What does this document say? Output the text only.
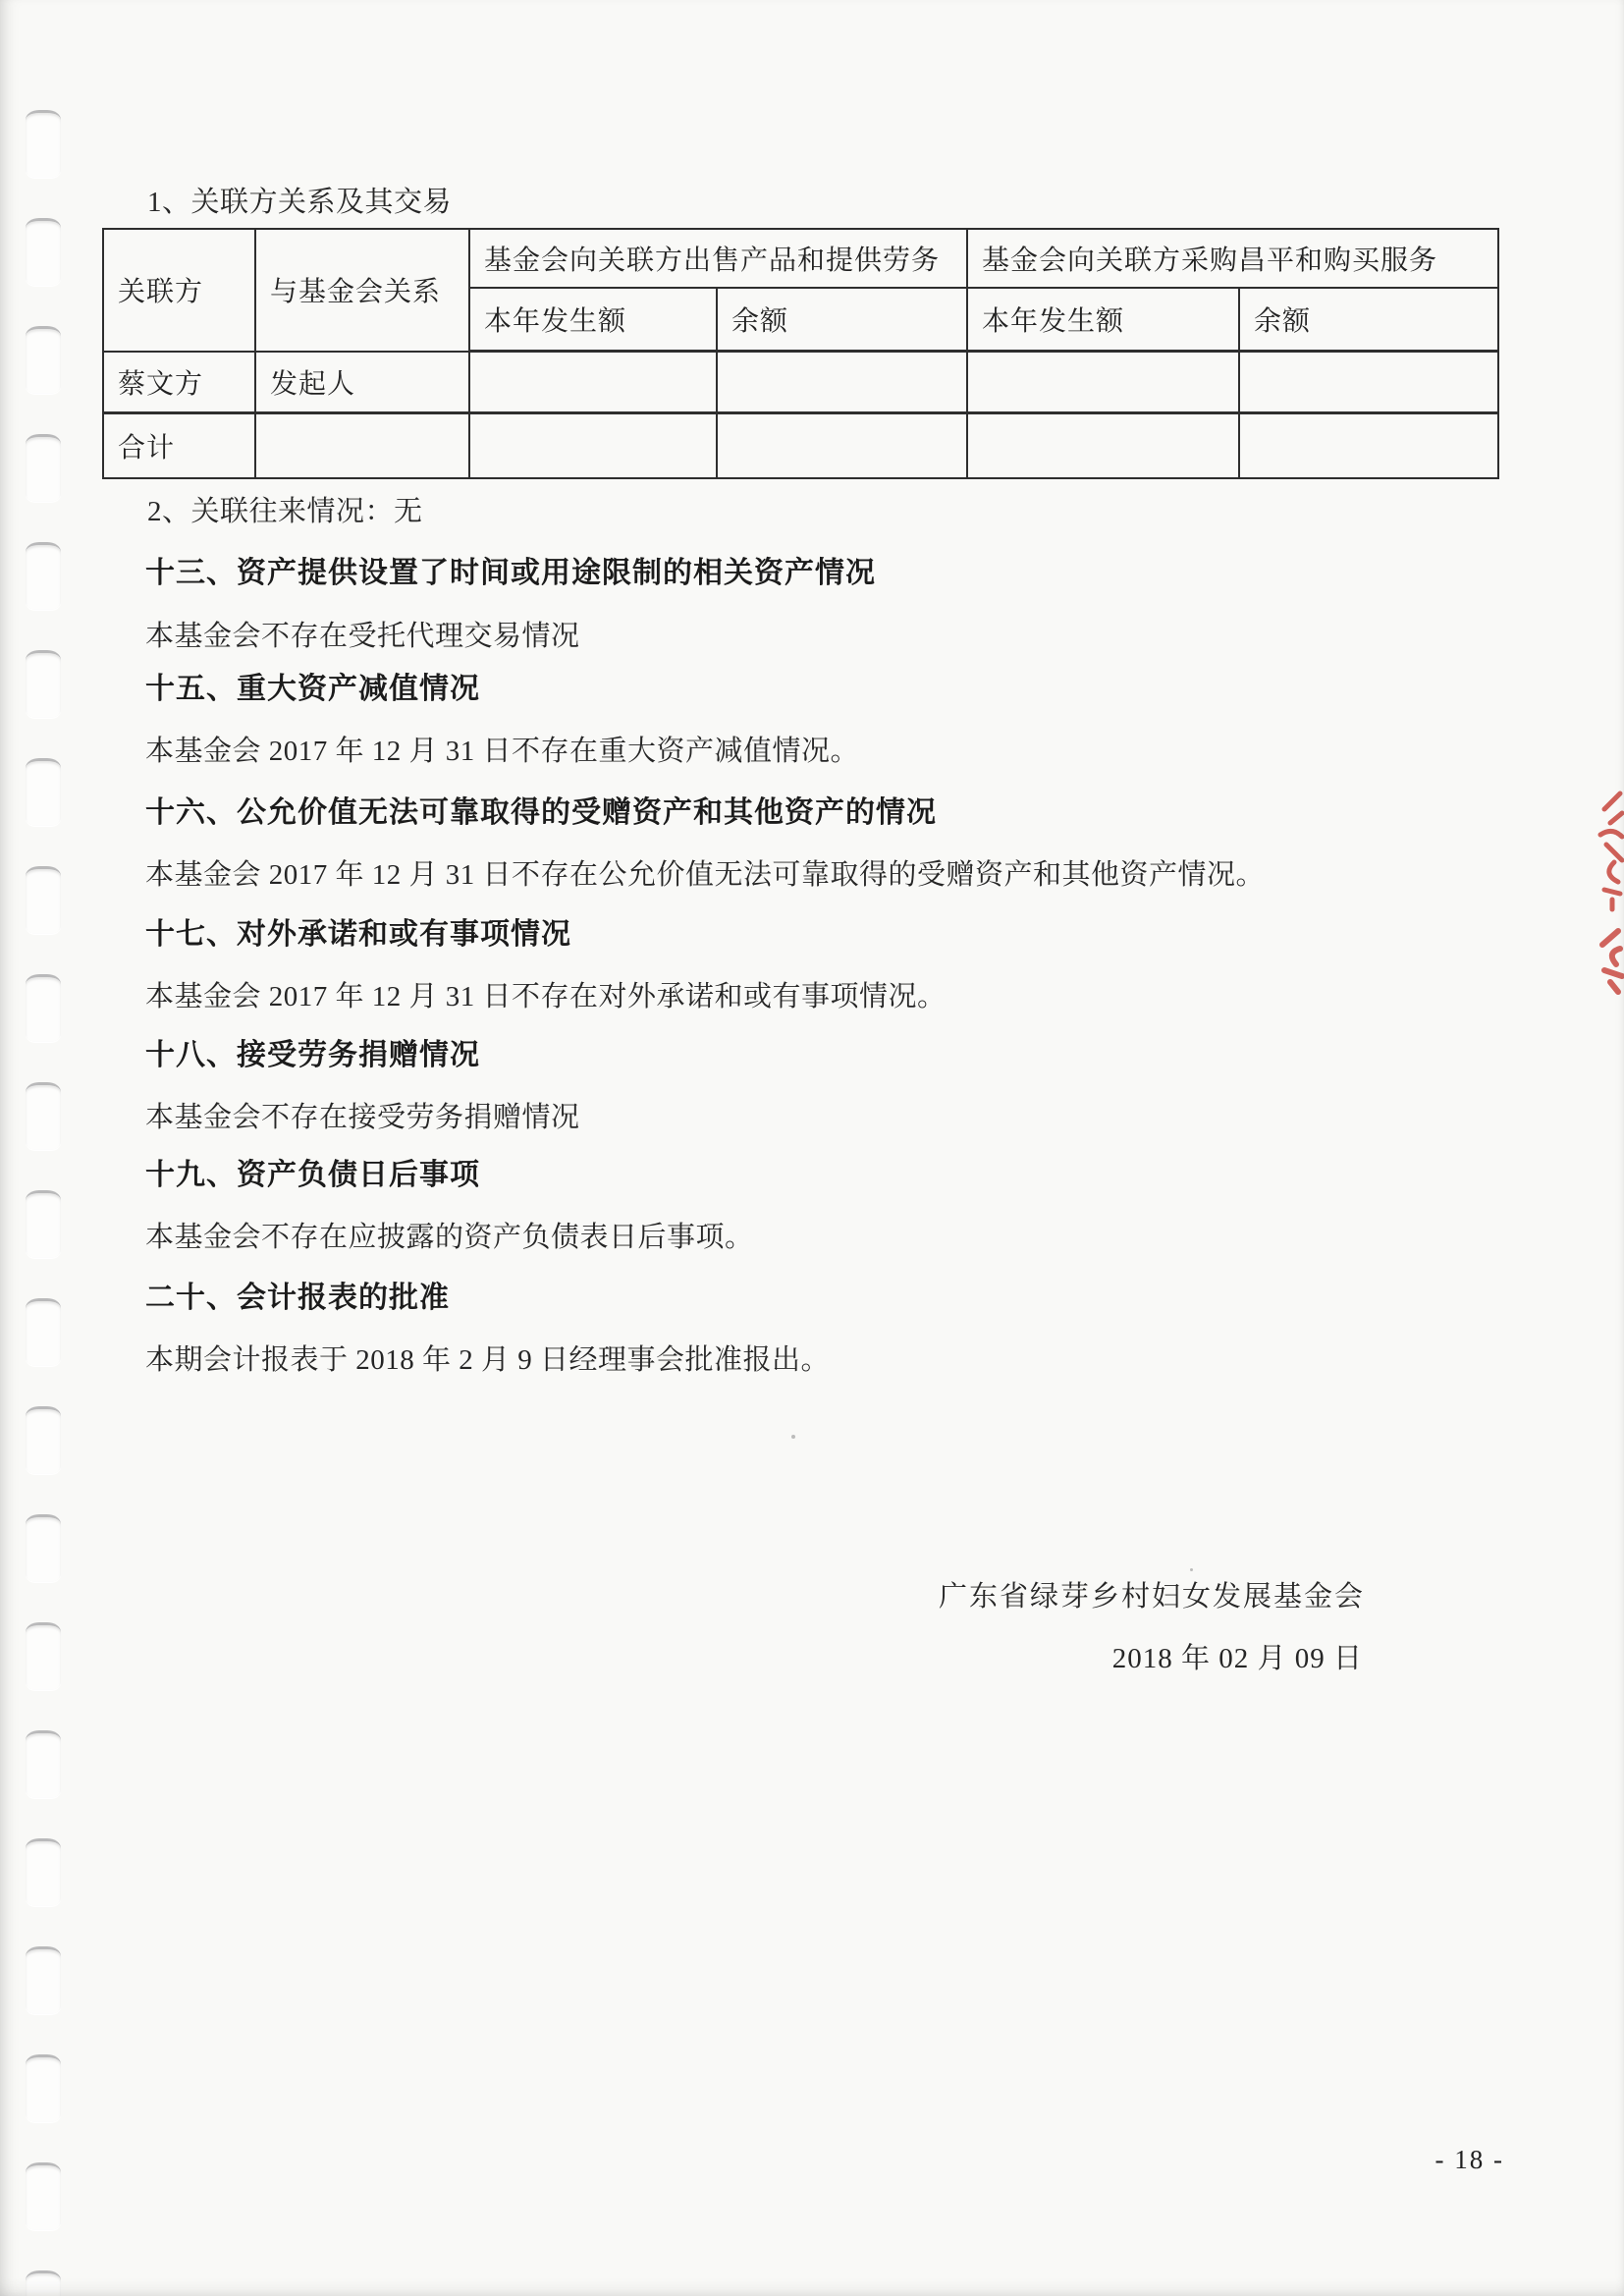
1、关联方关系及其交易
关联方	与基金会关系	基金会向关联方出售产品和提供劳务		基金会向关联方采购昌平和购买服务	
		本年发生额	余额	本年发生额	余额
蔡文方	发起人				
合计					
2、关联往来情况：无
十三、资产提供设置了时间或用途限制的相关资产情况
本基金会不存在受托代理交易情况
十五、重大资产减值情况
本基金会 2017 年 12 月 31 日不存在重大资产减值情况。
十六、公允价值无法可靠取得的受赠资产和其他资产的情况
本基金会 2017 年 12 月 31 日不存在公允价值无法可靠取得的受赠资产和其他资产情况。
十七、对外承诺和或有事项情况
本基金会 2017 年 12 月 31 日不存在对外承诺和或有事项情况。
十八、接受劳务捐赠情况
本基金会不存在接受劳务捐赠情况
十九、资产负债日后事项
本基金会不存在应披露的资产负债表日后事项。
二十、会计报表的批准
本期会计报表于 2018 年 2 月 9 日经理事会批准报出。
广东省绿芽乡村妇女发展基金会
2018 年 02 月 09 日
- 18 -
